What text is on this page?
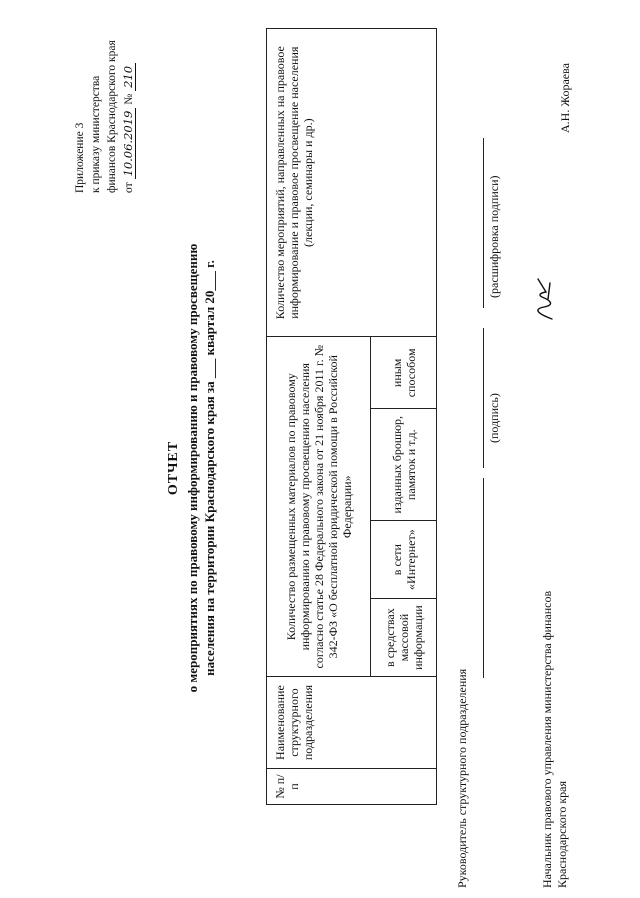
Приложение 3 к приказу министерства финансов Краснодарского края от 10.06.2019 № 210
ОТЧЕТ о мероприятиях по правовому информированию и правовому просвещению населения на территории Краснодарского края за ___ квартал 20___ г.
№ п/п	Наименование структурного подразделения	Количество размещенных материалов по правовому информированию и правовому просвещению населения согласно статье 28 Федерального закона от 21 ноября 2011 г. № 342-ФЗ «О бесплатной юридической помощи в Российской Федерации»				Количество мероприятий, направленных на правовое информирование и правовое просвещение населения (лекции, семинары и др.)
		в средствах массовой информации	в сети «Интернет»	изданных брошюр, памяток и т.д.	иным способом	
Руководитель структурного подразделения
(подпись)
(расшифровка подписи)
Начальник правового управления министерства финансов Краснодарского края
А.Н. Жораева
